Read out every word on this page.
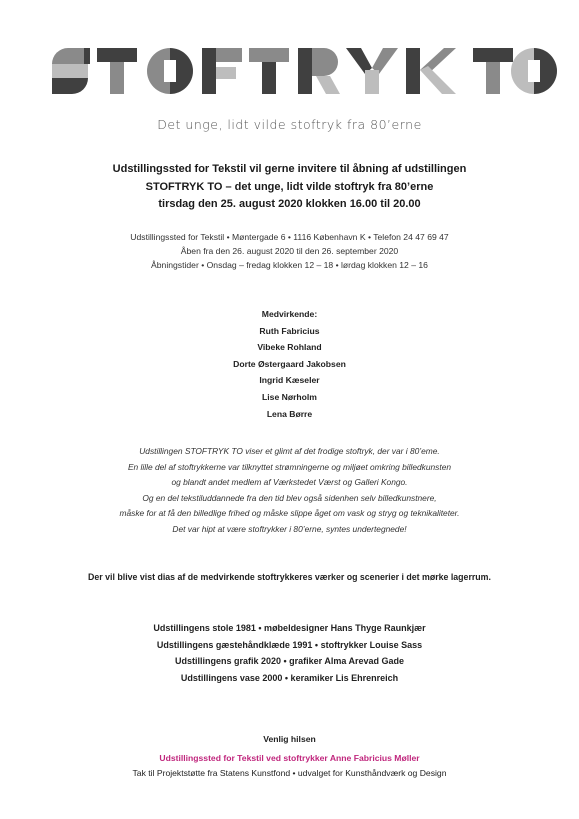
Det unge, lidt vilde stoftryk fra 80’erne
Udstillingssted for Tekstil vil gerne invitere til åbning af udstillingen
STOFTRYK TO – det unge, lidt vilde stoftryk fra 80’erne
tirsdag den 25. august 2020 klokken 16.00 til 20.00
Udstillingssted for Tekstil • Møntergade 6 • 1116 København K • Telefon 24 47 69 47
Åben fra den 26. august 2020 til den 26. september 2020
Åbningstider • Onsdag – fredag klokken 12 – 18 • lørdag klokken 12 – 16
Medvirkende:
Ruth Fabricius
Vibeke Rohland
Dorte Østergaard Jakobsen
Ingrid Kæseler
Lise Nørholm
Lena Børre
Udstillingen STOFTRYK TO viser et glimt af det frodige stoftryk, der var i 80’eme.
En lille del af stoftrykkerne var tilknyttet strømningerne og miljøet omkring billedkunsten
og blandt andet medlem af Værkstedet Værst og Galleri Kongo.
Og en del tekstiluddannede fra den tid blev også sidenhen selv billedkunstnere,
måske for at få den billedlige frihed og måske slippe åget om vask og stryg og teknikaliteter.
Det var hipt at være stoftrykker i 80’erne, syntes undertegnede!
Der vil blive vist dias af de medvirkende stoftrykkeres værker og scenerier i det mørke lagerrum.
Udstillingens stole 1981 • møbeldesigner Hans Thyge Raunkjær
Udstillingens gæstehåndklæde 1991 • stoftrykker Louise Sass
Udstillingens grafik 2020 • grafiker Alma Arevad Gade
Udstillingens vase 2000 • keramiker Lis Ehrenreich
Venlig hilsen
Udstillingssted for Tekstil ved stoftrykker Anne Fabricius Møller
Tak til Projektstøtte fra Statens Kunstfond • udvalget for Kunsthåndværk og Design
